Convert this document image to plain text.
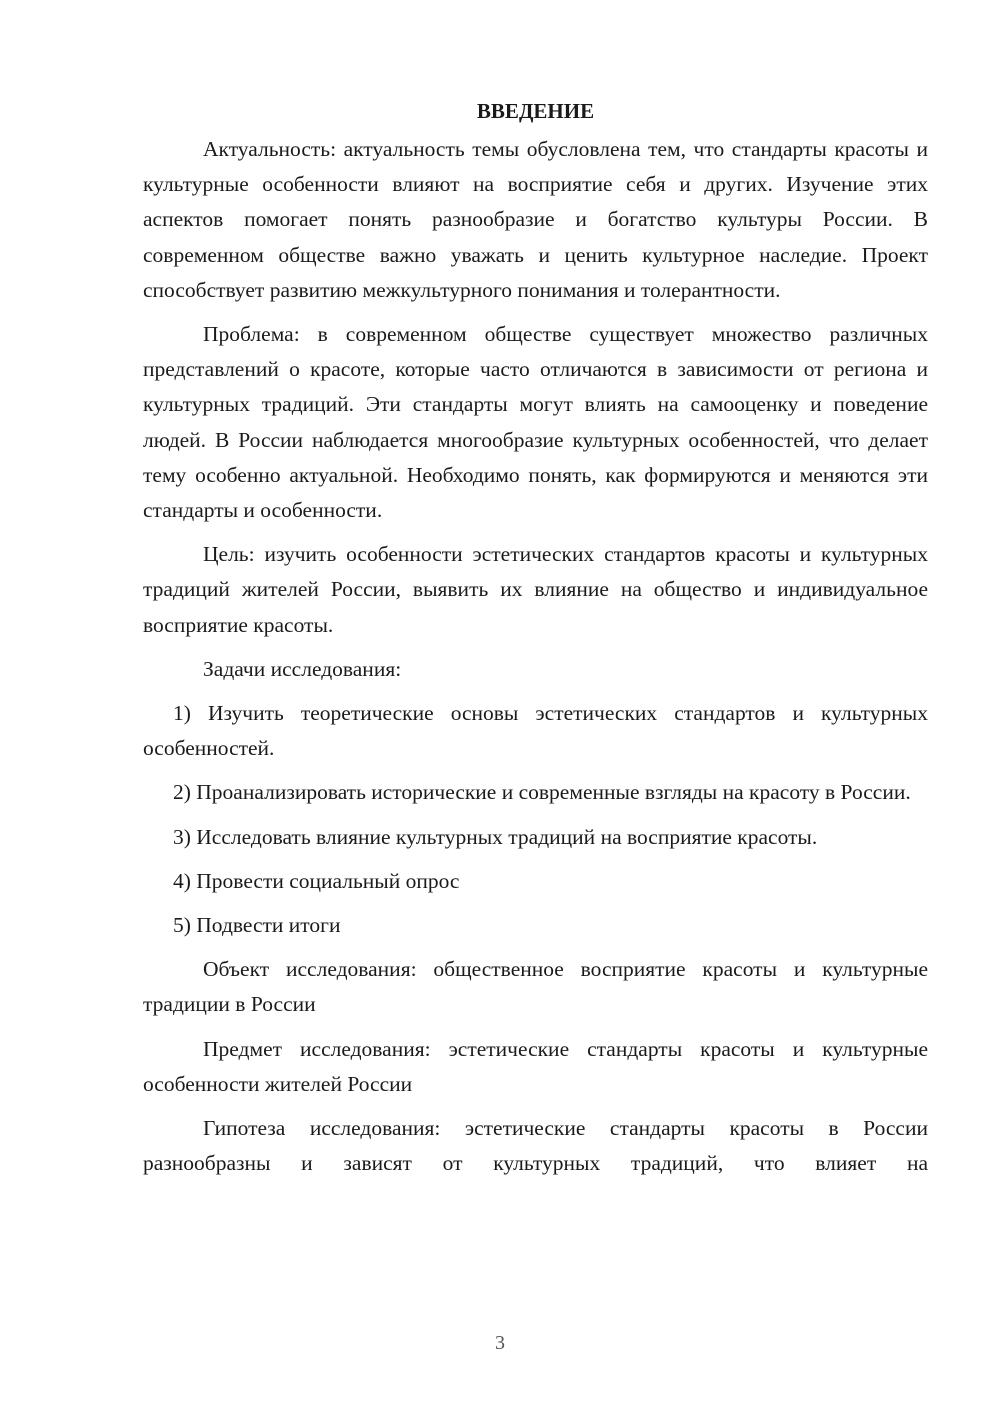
ВВЕДЕНИЕ

Актуальность: актуальность темы обусловлена тем, что стандарты красоты и культурные особенности влияют на восприятие себя и других. Изучение этих аспектов помогает понять разнообразие и богатство культуры России. В современном обществе важно уважать и ценить культурное наследие. Проект способствует развитию межкультурного понимания и толерантности.

Проблема: в современном обществе существует множество различных представлений о красоте, которые часто отличаются в зависимости от региона и культурных традиций. Эти стандарты могут влиять на самооценку и поведение людей. В России наблюдается многообразие культурных особенностей, что делает тему особенно актуальной. Необходимо понять, как формируются и меняются эти стандарты и особенности.

Цель: изучить особенности эстетических стандартов красоты и культурных традиций жителей России, выявить их влияние на общество и индивидуальное восприятие красоты.

Задачи исследования:

1) Изучить теоретические основы эстетических стандартов и культурных особенностей.

2) Проанализировать исторические и современные взгляды на красоту в России.

3) Исследовать влияние культурных традиций на восприятие красоты.

4) Провести социальный опрос

5) Подвести итоги

Объект исследования: общественное восприятие красоты и культурные традиции в России

Предмет исследования: эстетические стандарты красоты и культурные особенности жителей России

Гипотеза исследования: эстетические стандарты красоты в России разнообразны и зависят от культурных традиций, что влияет на

3
